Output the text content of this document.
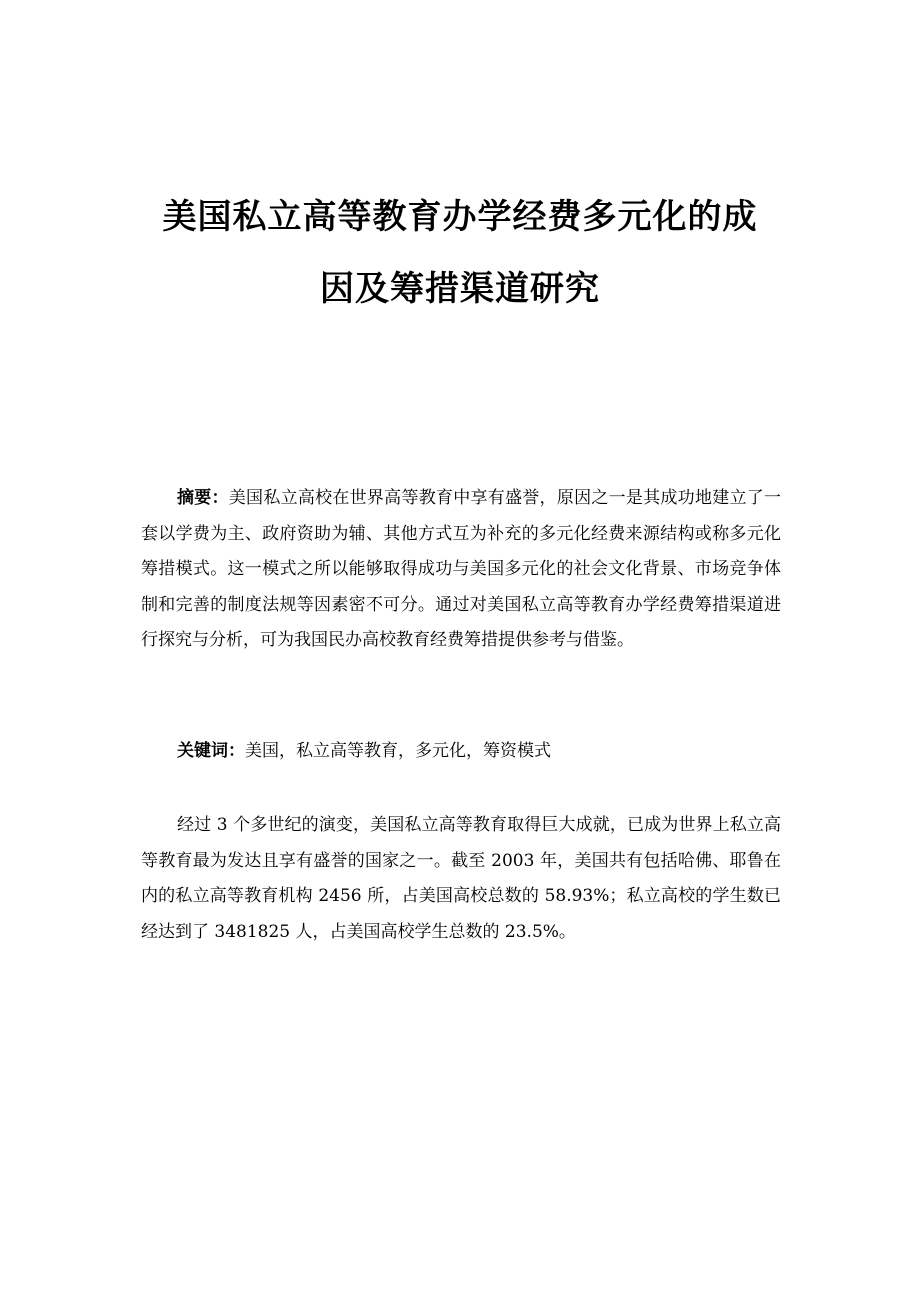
美国私立高等教育办学经费多元化的成
因及筹措渠道研究

摘要：美国私立高校在世界高等教育中享有盛誉，原因之一是其成功地建立了一套以学费为主、政府资助为辅、其他方式互为补充的多元化经费来源结构或称多元化筹措模式。这一模式之所以能够取得成功与美国多元化的社会文化背景、市场竞争体制和完善的制度法规等因素密不可分。通过对美国私立高等教育办学经费筹措渠道进行探究与分析，可为我国民办高校教育经费筹措提供参考与借鉴。

关键词：美国，私立高等教育，多元化，筹资模式

经过 3 个多世纪的演变，美国私立高等教育取得巨大成就，已成为世界上私立高等教育最为发达且享有盛誉的国家之一。截至 2003 年，美国共有包括哈佛、耶鲁在内的私立高等教育机构 2456 所，占美国高校总数的 58.93%；私立高校的学生数已经达到了 3481825 人，占美国高校学生总数的 23.5%。
